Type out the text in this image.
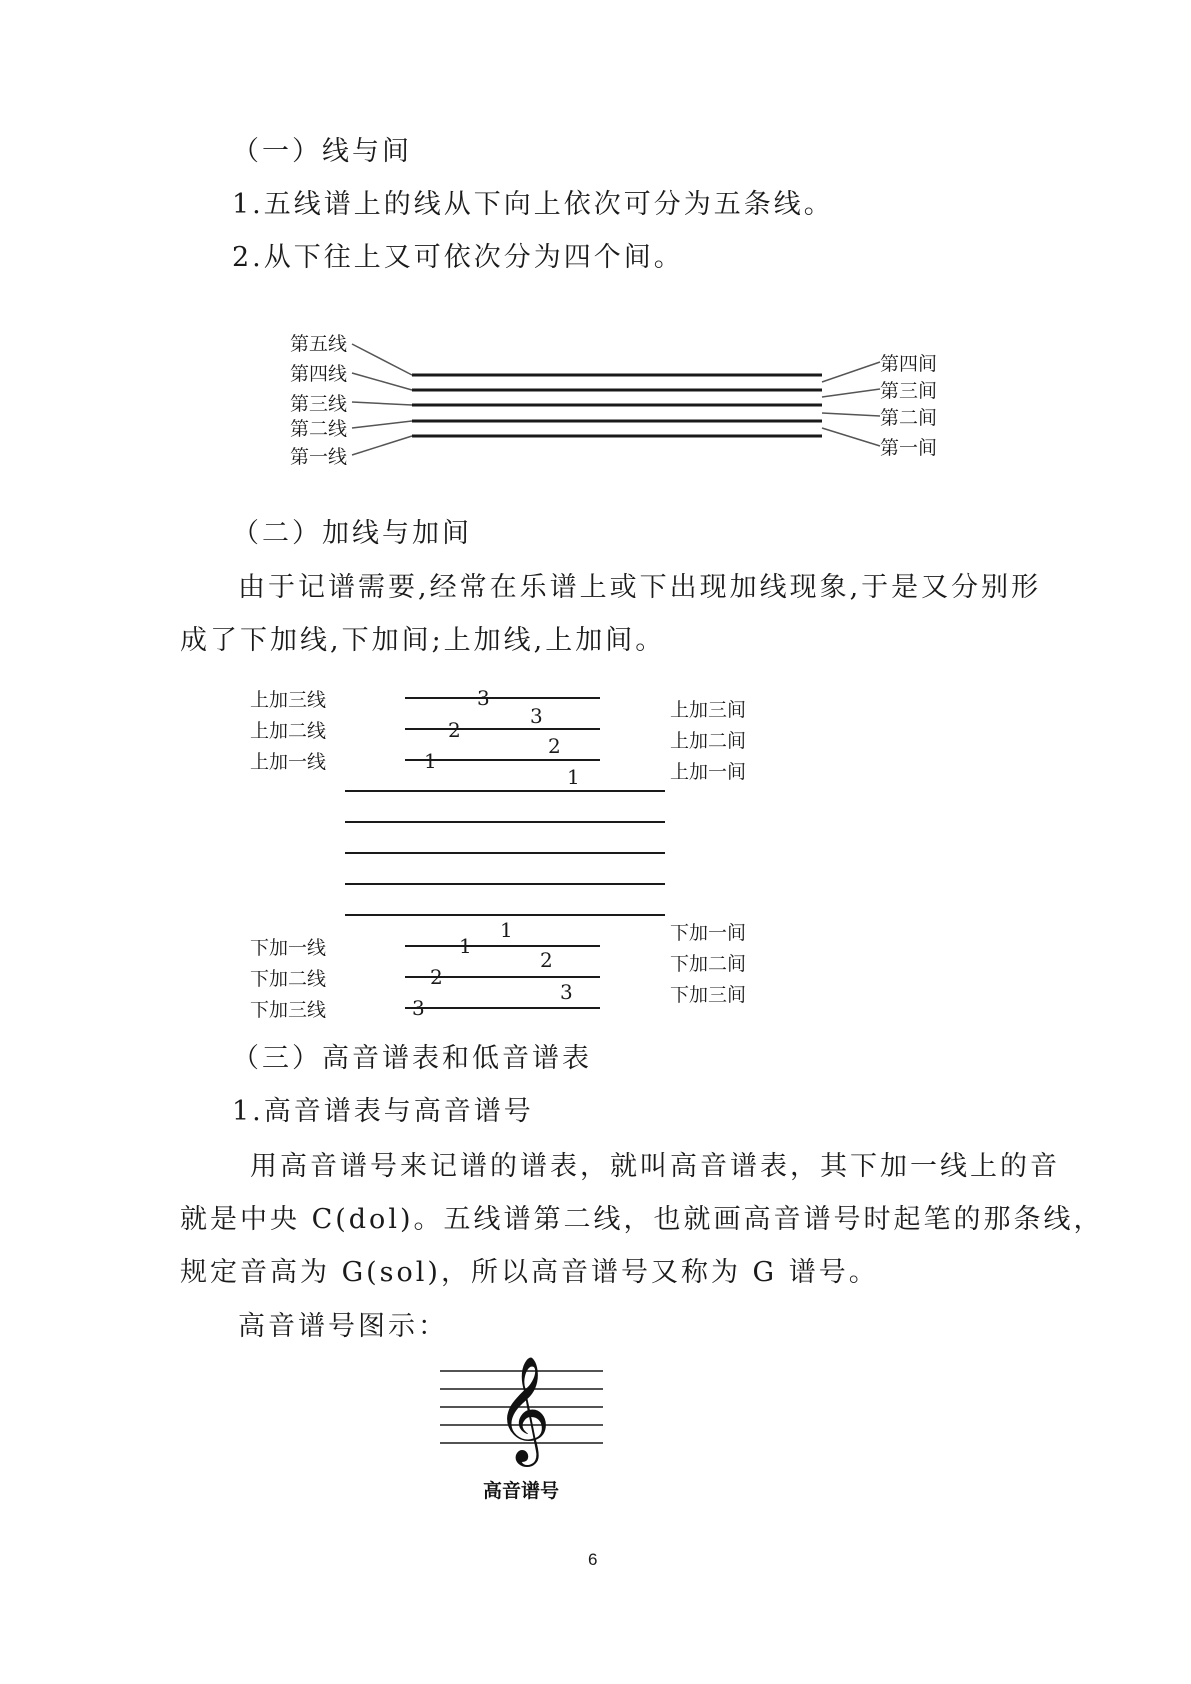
（一）线与间
1.五线谱上的线从下向上依次可分为五条线。
2.从下往上又可依次分为四个间。
第五线
第四线
第三线
第二线
第一线
第四间
第三间
第二间
第一间
（二）加线与加间
由于记谱需要,经常在乐谱上或下出现加线现象,于是又分别形
成了下加线,下加间;上加线,上加间。
上加三线
上加二线
上加一线
下加一线
下加二线
下加三线
上加三间
上加二间
上加一间
下加一间
下加二间
下加三间
3
2
1
3
2
1
1
2
3
1
2
3
（三）高音谱表和低音谱表
1.高音谱表与高音谱号
用高音谱号来记谱的谱表，就叫高音谱表，其下加一线上的音
就是中央 C(dol)。五线谱第二线，也就画高音谱号时起笔的那条线，
规定音高为 G(sol)，所以高音谱号又称为 G 谱号。
高音谱号图示：
𝄞
高音谱号
6
